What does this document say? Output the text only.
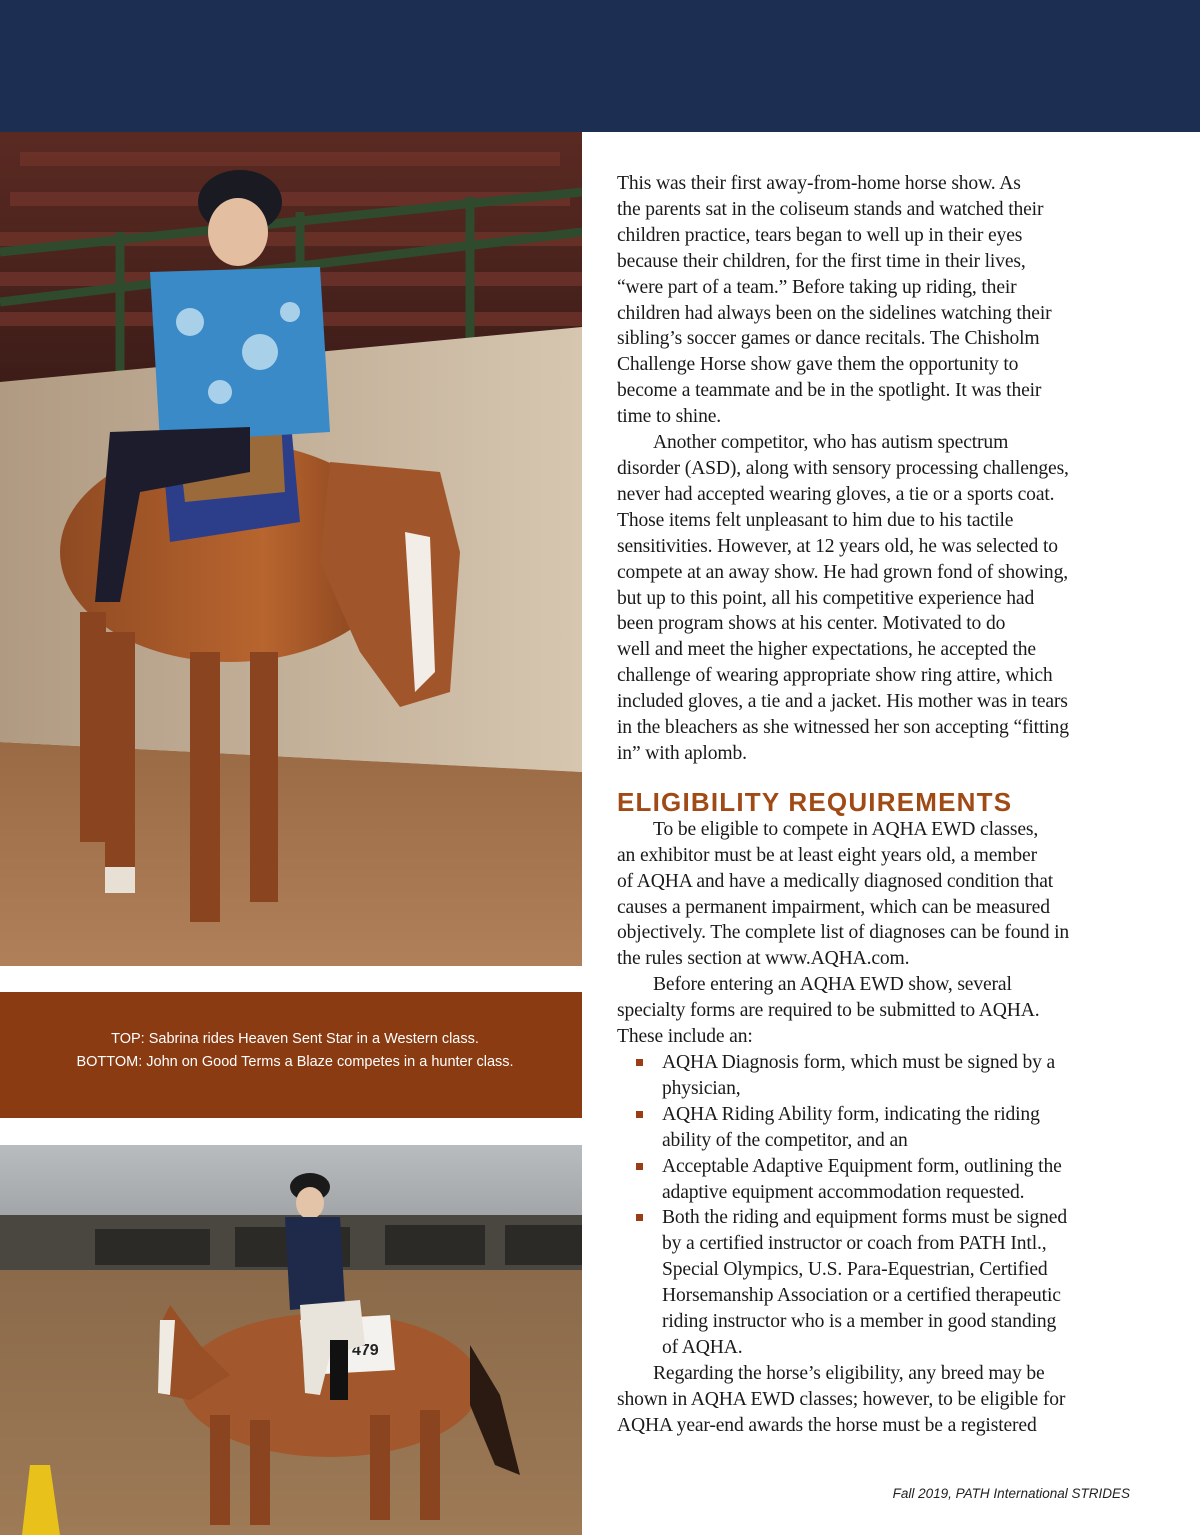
TOP: Sabrina rides Heaven Sent Star in a Western class.
BOTTOM: John on Good Terms a Blaze competes in a hunter class.
479

This was their first away-from-home horse show. As
the parents sat in the coliseum stands and watched their
children practice, tears began to well up in their eyes
because their children, for the first time in their lives,
“were part of a team.” Before taking up riding, their
children had always been on the sidelines watching their
sibling’s soccer games or dance recitals. The Chisholm
Challenge Horse show gave them the opportunity to
become a teammate and be in the spotlight. It was their
time to shine.

Another competitor, who has autism spectrum
disorder (ASD), along with sensory processing challenges,
never had accepted wearing gloves, a tie or a sports coat.
Those items felt unpleasant to him due to his tactile
sensitivities. However, at 12 years old, he was selected to
compete at an away show. He had grown fond of showing,
but up to this point, all his competitive experience had
been program shows at his center. Motivated to do
well and meet the higher expectations, he accepted the
challenge of wearing appropriate show ring attire, which
included gloves, a tie and a jacket. His mother was in tears
in the bleachers as she witnessed her son accepting “fitting
in” with aplomb.

ELIGIBILITY REQUIREMENTS

To be eligible to compete in AQHA EWD classes,
an exhibitor must be at least eight years old, a member
of AQHA and have a medically diagnosed condition that
causes a permanent impairment, which can be measured
objectively. The complete list of diagnoses can be found in
the rules section at www.AQHA.com.

Before entering an AQHA EWD show, several
specialty forms are required to be submitted to AQHA.
These include an:

AQHA Diagnosis form, which must be signed by a
physician,
AQHA Riding Ability form, indicating the riding
ability of the competitor, and an
Acceptable Adaptive Equipment form, outlining the
adaptive equipment accommodation requested.
Both the riding and equipment forms must be signed
by a certified instructor or coach from PATH Intl.,
Special Olympics, U.S. Para-Equestrian, Certified
Horsemanship Association or a certified therapeutic
riding instructor who is a member in good standing
of AQHA.

Regarding the horse’s eligibility, any breed may be
shown in AQHA EWD classes; however, to be eligible for
AQHA year-end awards the horse must be a registered

Fall 2019, PATH International STRIDES
